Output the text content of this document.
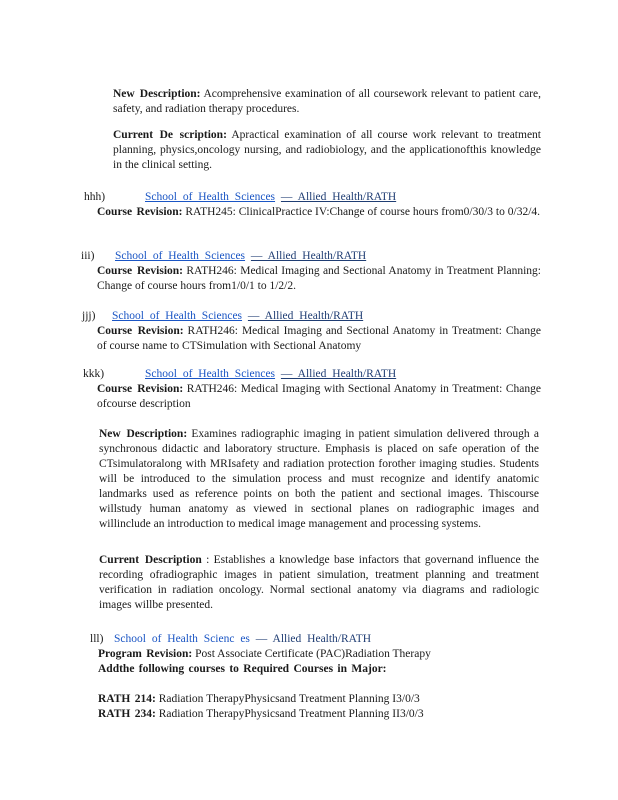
New Description: Acomprehensive examination of all coursework relevant to patient care, safety, and radiation therapy procedures.

Current De scription: Apractical examination of all course work relevant to treatment planning, physics,oncology nursing, and radiobiology, and the applicationofthis knowledge in the clinical setting.

hhh)	School of Health Sciences — Allied Health/RATH
Course Revision: RATH245: ClinicalPractice IV:Change of course hours from0/30/3 to 0/32/4.
iii) School of Health Sciences — Allied Health/RATH
Course Revision: RATH246: Medical Imaging and Sectional Anatomy in Treatment Planning: Change of course hours from1/0/1 to 1/2/2.
jjj) School of Health Sciences — Allied Health/RATH
Course Revision: RATH246: Medical Imaging and Sectional Anatomy in Treatment: Change of course name to CTSimulation with Sectional Anatomy
kkk)	School of Health Sciences — Allied Health/RATH
Course Revision: RATH246: Medical Imaging with Sectional Anatomy in Treatment: Change ofcourse description

New Description: Examines radiographic imaging in patient simulation delivered through a synchronous didactic and laboratory structure. Emphasis is placed on safe operation of the CTsimulatoralong with MRIsafety and radiation protection forother imaging studies. Students will be introduced to the simulation process and must recognize and identify anatomic landmarks used as reference points on both the patient and sectional images. Thiscourse willstudy human anatomy as viewed in sectional planes on radiographic images and willinclude an introduction to medical image management and processing systems.

Current Description : Establishes a knowledge base infactors that governand influence the recording ofradiographic images in patient simulation, treatment planning and treatment verification in radiation oncology. Normal sectional anatomy via diagrams and radiologic images willbe presented.

lll) School of Health Scienc es — Allied Health/RATH
Program Revision: Post Associate Certificate (PAC)Radiation Therapy
Addthe following courses to Required Courses in Major:
RATH 214: Radiation TherapyPhysicsand Treatment Planning I3/0/3
RATH 234: Radiation TherapyPhysicsand Treatment Planning II3/0/3
